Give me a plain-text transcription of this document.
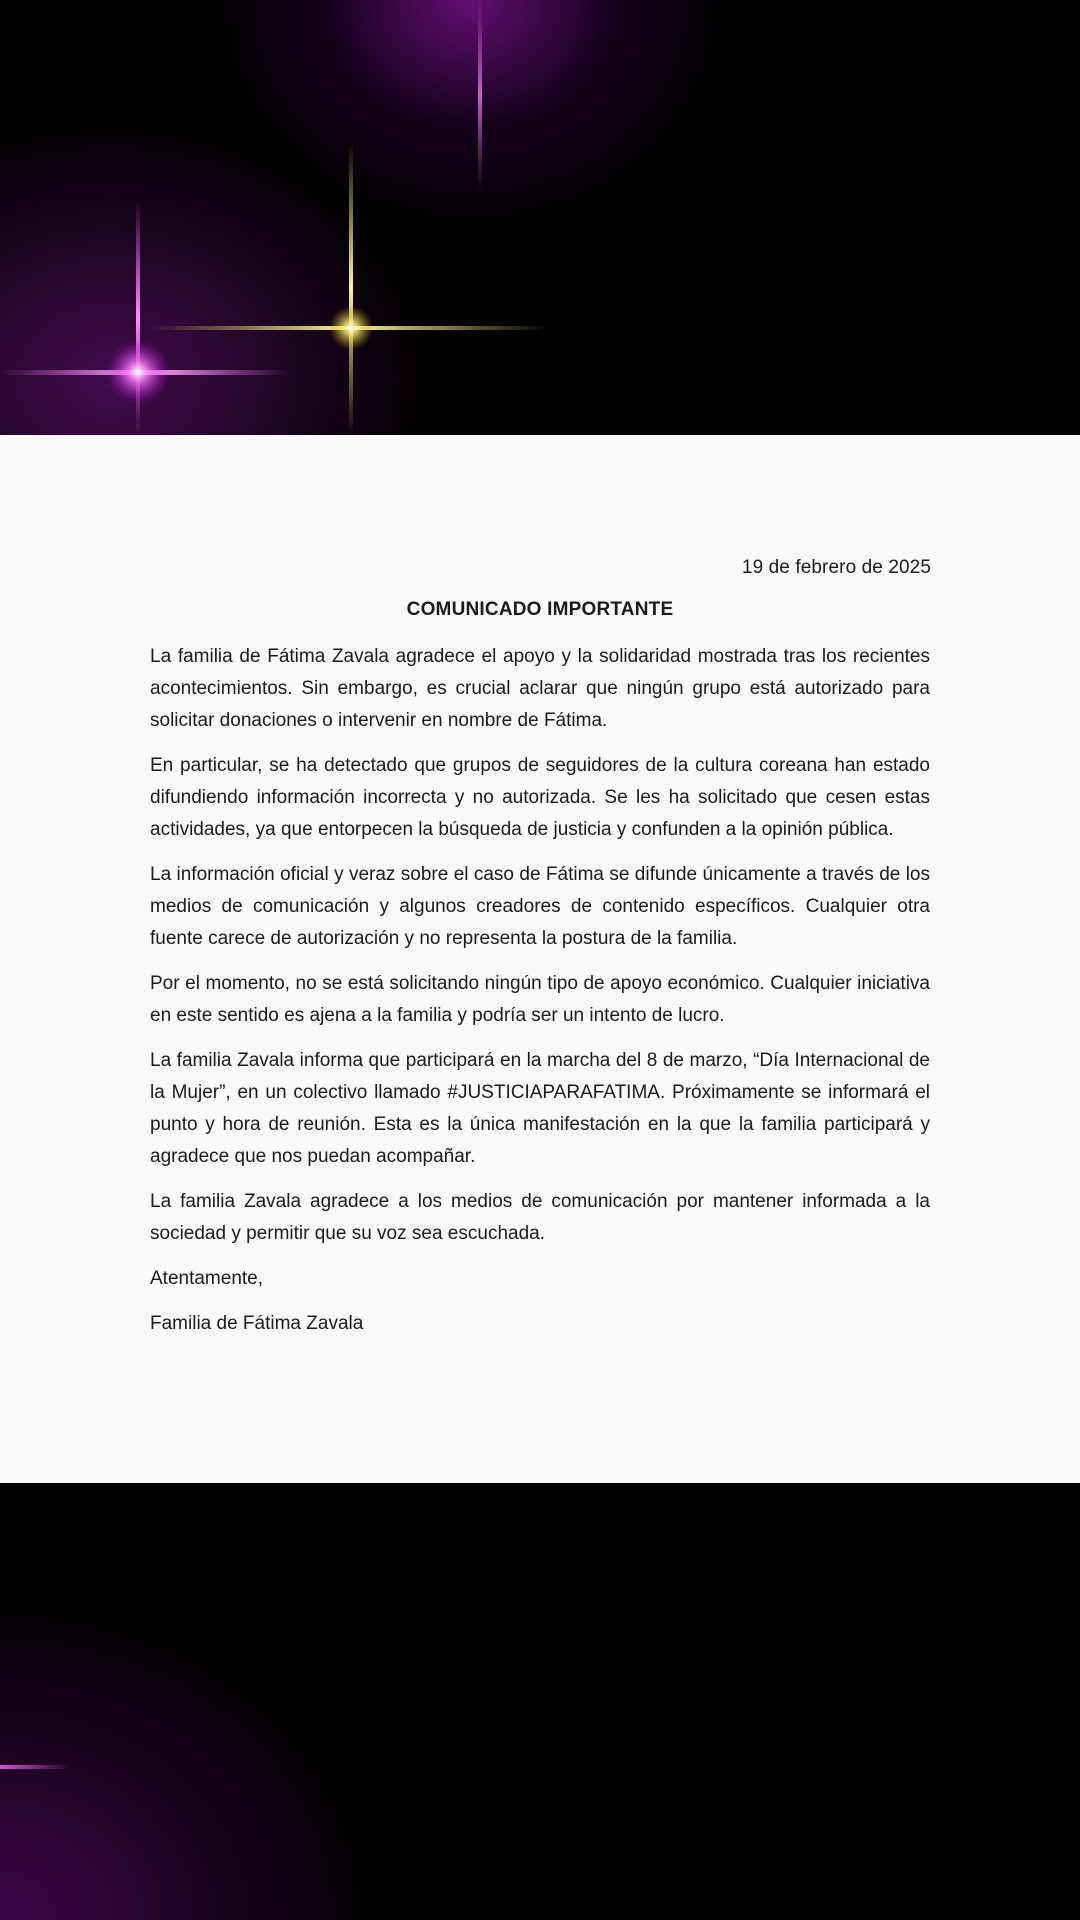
19 de febrero de 2025
COMUNICADO IMPORTANTE

La familia de Fátima Zavala agradece el apoyo y la solidaridad mostrada tras los recientes acontecimientos. Sin embargo, es crucial aclarar que ningún grupo está autorizado para solicitar donaciones o intervenir en nombre de Fátima.

En particular, se ha detectado que grupos de seguidores de la cultura coreana han estado difundiendo información incorrecta y no autorizada. Se les ha solicitado que cesen estas actividades, ya que entorpecen la búsqueda de justicia y confunden a la opinión pública.

La información oficial y veraz sobre el caso de Fátima se difunde únicamente a través de los medios de comunicación y algunos creadores de contenido específicos. Cualquier otra fuente carece de autorización y no representa la postura de la familia.

Por el momento, no se está solicitando ningún tipo de apoyo económico. Cualquier iniciativa en este sentido es ajena a la familia y podría ser un intento de lucro.

La familia Zavala informa que participará en la marcha del 8 de marzo, “Día Internacional de la Mujer”, en un colectivo llamado #JUSTICIAPARAFATIMA. Próximamente se informará el punto y hora de reunión. Esta es la única manifestación en la que la familia participará y agradece que nos puedan acompañar.

La familia Zavala agradece a los medios de comunicación por mantener informada a la sociedad y permitir que su voz sea escuchada.

Atentamente,

Familia de Fátima Zavala
